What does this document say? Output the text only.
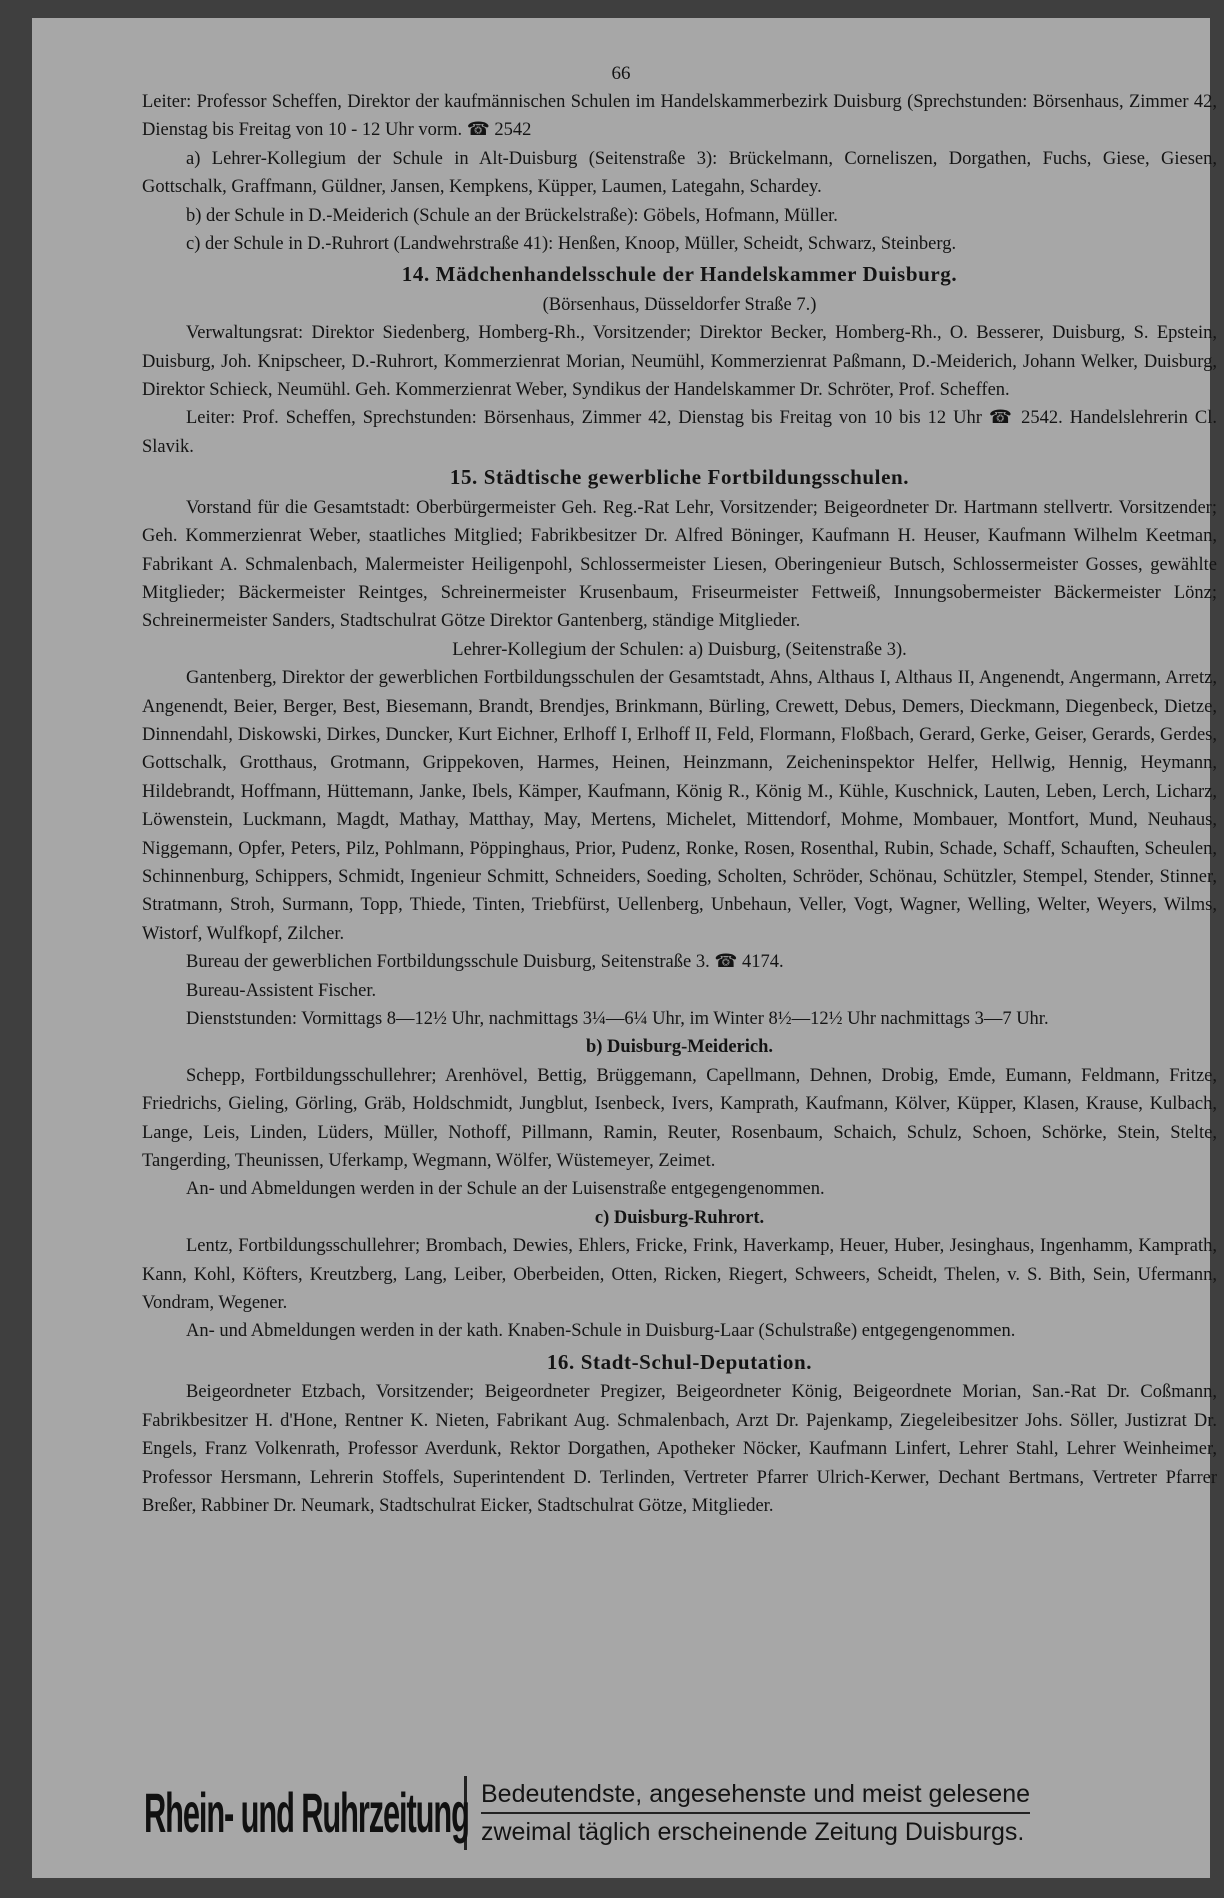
66

Leiter: Professor Scheffen, Direktor der kaufmännischen Schulen im Handelskammerbezirk Duisburg (Sprechstunden: Börsenhaus, Zimmer 42, Dienstag bis Freitag von 10 - 12 Uhr vorm. ☎ 2542

a) Lehrer-Kollegium der Schule in Alt-Duisburg (Seitenstraße 3): Brückelmann, Corneliszen, Dorgathen, Fuchs, Giese, Giesen, Gottschalk, Graffmann, Güldner, Jansen, Kempkens, Küpper, Laumen, Lategahn, Schardey.

b) der Schule in D.-Meiderich (Schule an der Brückelstraße): Göbels, Hofmann, Müller.

c) der Schule in D.-Ruhrort (Landwehrstraße 41): Henßen, Knoop, Müller, Scheidt, Schwarz, Steinberg.

14. Mädchenhandelsschule der Handelskammer Duisburg.

(Börsenhaus, Düsseldorfer Straße 7.)

Verwaltungsrat: Direktor Siedenberg, Homberg-Rh., Vorsitzender; Direktor Becker, Homberg-Rh., O. Besserer, Duisburg, S. Epstein, Duisburg, Joh. Knipscheer, D.-Ruhrort, Kommerzienrat Morian, Neumühl, Kommerzienrat Paßmann, D.-Meiderich, Johann Welker, Duisburg, Direktor Schieck, Neumühl. Geh. Kommerzienrat Weber, Syndikus der Handelskammer Dr. Schröter, Prof. Scheffen.

Leiter: Prof. Scheffen, Sprechstunden: Börsenhaus, Zimmer 42, Dienstag bis Freitag von 10 bis 12 Uhr ☎ 2542. Handelslehrerin Cl. Slavik.

15. Städtische gewerbliche Fortbildungsschulen.

Vorstand für die Gesamtstadt: Oberbürgermeister Geh. Reg.-Rat Lehr, Vorsitzender; Beigeordneter Dr. Hartmann stellvertr. Vorsitzender; Geh. Kommerzienrat Weber, staatliches Mitglied; Fabrikbesitzer Dr. Alfred Böninger, Kaufmann H. Heuser, Kaufmann Wilhelm Keetman, Fabrikant A. Schmalenbach, Malermeister Heiligenpohl, Schlossermeister Liesen, Oberingenieur Butsch, Schlossermeister Gosses, gewählte Mitglieder; Bäckermeister Reintges, Schreinermeister Krusenbaum, Friseurmeister Fettweiß, Innungsobermeister Bäckermeister Lönz; Schreinermeister Sanders, Stadtschulrat Götze Direktor Gantenberg, ständige Mitglieder.

Lehrer-Kollegium der Schulen: a) Duisburg, (Seitenstraße 3).

Gantenberg, Direktor der gewerblichen Fortbildungsschulen der Gesamtstadt, Ahns, Althaus I, Althaus II, Angenendt, Angermann, Arretz, Angenendt, Beier, Berger, Best, Biesemann, Brandt, Brendjes, Brinkmann, Bürling, Crewett, Debus, Demers, Dieckmann, Diegenbeck, Dietze, Dinnendahl, Diskowski, Dirkes, Duncker, Kurt Eichner, Erlhoff I, Erlhoff II, Feld, Flormann, Floßbach, Gerard, Gerke, Geiser, Gerards, Gerdes, Gottschalk, Grotthaus, Grotmann, Grippekoven, Harmes, Heinen, Heinzmann, Zeicheninspektor Helfer, Hellwig, Hennig, Heymann, Hildebrandt, Hoffmann, Hüttemann, Janke, Ibels, Kämper, Kaufmann, König R., König M., Kühle, Kuschnick, Lauten, Leben, Lerch, Licharz, Löwenstein, Luckmann, Magdt, Mathay, Matthay, May, Mertens, Michelet, Mittendorf, Mohme, Mombauer, Montfort, Mund, Neuhaus, Niggemann, Opfer, Peters, Pilz, Pohlmann, Pöppinghaus, Prior, Pudenz, Ronke, Rosen, Rosenthal, Rubin, Schade, Schaff, Schauften, Scheulen, Schinnenburg, Schippers, Schmidt, Ingenieur Schmitt, Schneiders, Soeding, Scholten, Schröder, Schönau, Schützler, Stempel, Stender, Stinner, Stratmann, Stroh, Surmann, Topp, Thiede, Tinten, Triebfürst, Uellenberg, Unbehaun, Veller, Vogt, Wagner, Welling, Welter, Weyers, Wilms, Wistorf, Wulfkopf, Zilcher.

Bureau der gewerblichen Fortbildungsschule Duisburg, Seitenstraße 3. ☎ 4174.

Bureau-Assistent Fischer.

Dienststunden: Vormittags 8—12½ Uhr, nachmittags 3¼—6¼ Uhr, im Winter 8½—12½ Uhr nachmittags 3—7 Uhr.

b) Duisburg-Meiderich.

Schepp, Fortbildungsschullehrer; Arenhövel, Bettig, Brüggemann, Capellmann, Dehnen, Drobig, Emde, Eumann, Feldmann, Fritze, Friedrichs, Gieling, Görling, Gräb, Holdschmidt, Jungblut, Isenbeck, Ivers, Kamprath, Kaufmann, Kölver, Küpper, Klasen, Krause, Kulbach, Lange, Leis, Linden, Lüders, Müller, Nothoff, Pillmann, Ramin, Reuter, Rosenbaum, Schaich, Schulz, Schoen, Schörke, Stein, Stelte, Tangerding, Theunissen, Uferkamp, Wegmann, Wölfer, Wüstemeyer, Zeimet.

An- und Abmeldungen werden in der Schule an der Luisenstraße entgegengenommen.

c) Duisburg-Ruhrort.

Lentz, Fortbildungsschullehrer; Brombach, Dewies, Ehlers, Fricke, Frink, Haverkamp, Heuer, Huber, Jesinghaus, Ingenhamm, Kamprath, Kann, Kohl, Köfters, Kreutzberg, Lang, Leiber, Oberbeiden, Otten, Ricken, Riegert, Schweers, Scheidt, Thelen, v. S. Bith, Sein, Ufermann, Vondram, Wegener.

An- und Abmeldungen werden in der kath. Knaben-Schule in Duisburg-Laar (Schulstraße) entgegengenommen.

16. Stadt-Schul-Deputation.

Beigeordneter Etzbach, Vorsitzender; Beigeordneter Pregizer, Beigeordneter König, Beigeordnete Morian, San.-Rat Dr. Coßmann, Fabrikbesitzer H. d'Hone, Rentner K. Nieten, Fabrikant Aug. Schmalenbach, Arzt Dr. Pajenkamp, Ziegeleibesitzer Johs. Söller, Justizrat Dr. Engels, Franz Volkenrath, Professor Averdunk, Rektor Dorgathen, Apotheker Nöcker, Kaufmann Linfert, Lehrer Stahl, Lehrer Weinheimer, Professor Hersmann, Lehrerin Stoffels, Superintendent D. Terlinden, Vertreter Pfarrer Ulrich-Kerwer, Dechant Bertmans, Vertreter Pfarrer Breßer, Rabbiner Dr. Neumark, Stadtschulrat Eicker, Stadtschulrat Götze, Mitglieder.

Rhein- und Ruhrzeitung Bedeutendste, angesehenste und meist gelesene
zweimal täglich erscheinende Zeitung Duisburgs.
